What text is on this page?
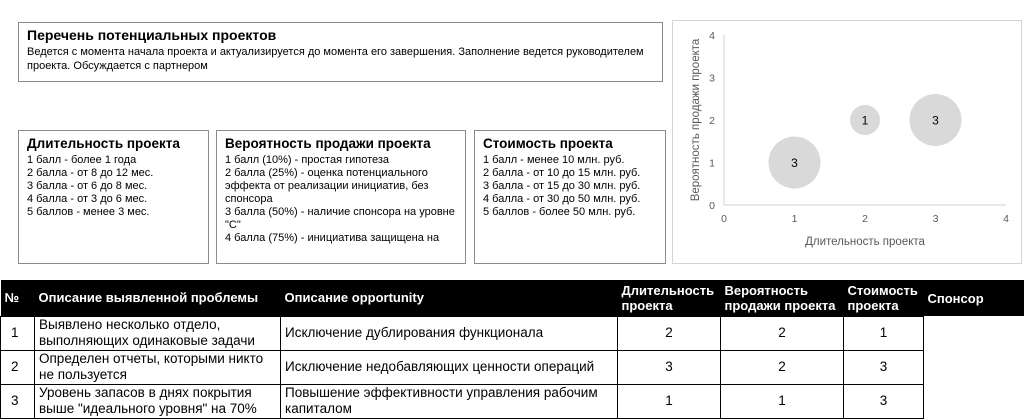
Перечень потенциальных проектов
Ведется с момента начала проекта и актуализируется до момента его завершения. Заполнение ведется руководителем проекта. Обсуждается с партнером
Длительность проекта
1 балл - более 1 года
2 балла - от 8 до 12 мес.
3 балла - от 6 до 8 мес.
4 балла - от 3 до 6 мес.
5 баллов - менее 3 мес.
Вероятность продажи проекта
1 балл (10%) - простая гипотеза
2 балла (25%) - оценка потенциального эффекта от реализации инициатив, без спонсора
3 балла (50%) - наличие спонсора на уровне "С"
4 балла (75%) - инициатива защищена на
Стоимость проекта
1 балл - менее 10 млн. руб.
2 балла - от 10 до 15 млн. руб.
3 балла - от 15 до 30 млн. руб.
4 балла - от 30 до 50 млн. руб.
5 баллов - более 50 млн. руб.
0	1	2	3	4
0
1
2
3
4
3
1	3
Длительность проекта
Вероятность продажи проекта
№	Описание выявленной проблемы	Описание opportunity	Длительность проекта	Вероятность продажи проекта	Стоимость проекта	Спонсор
1	Выявлено несколько отдело, выполняющих одинаковые задачи	Исключение дублирования функционала	2	2	1	
2	Определен отчеты, которыми никто не пользуется	Исключение недобавляющих ценности операций	3	2	3	
3	Уровень запасов в днях покрытия выше "идеального уровня" на 70%	Повышение эффективности управления рабочим капиталом	1	1	3	
